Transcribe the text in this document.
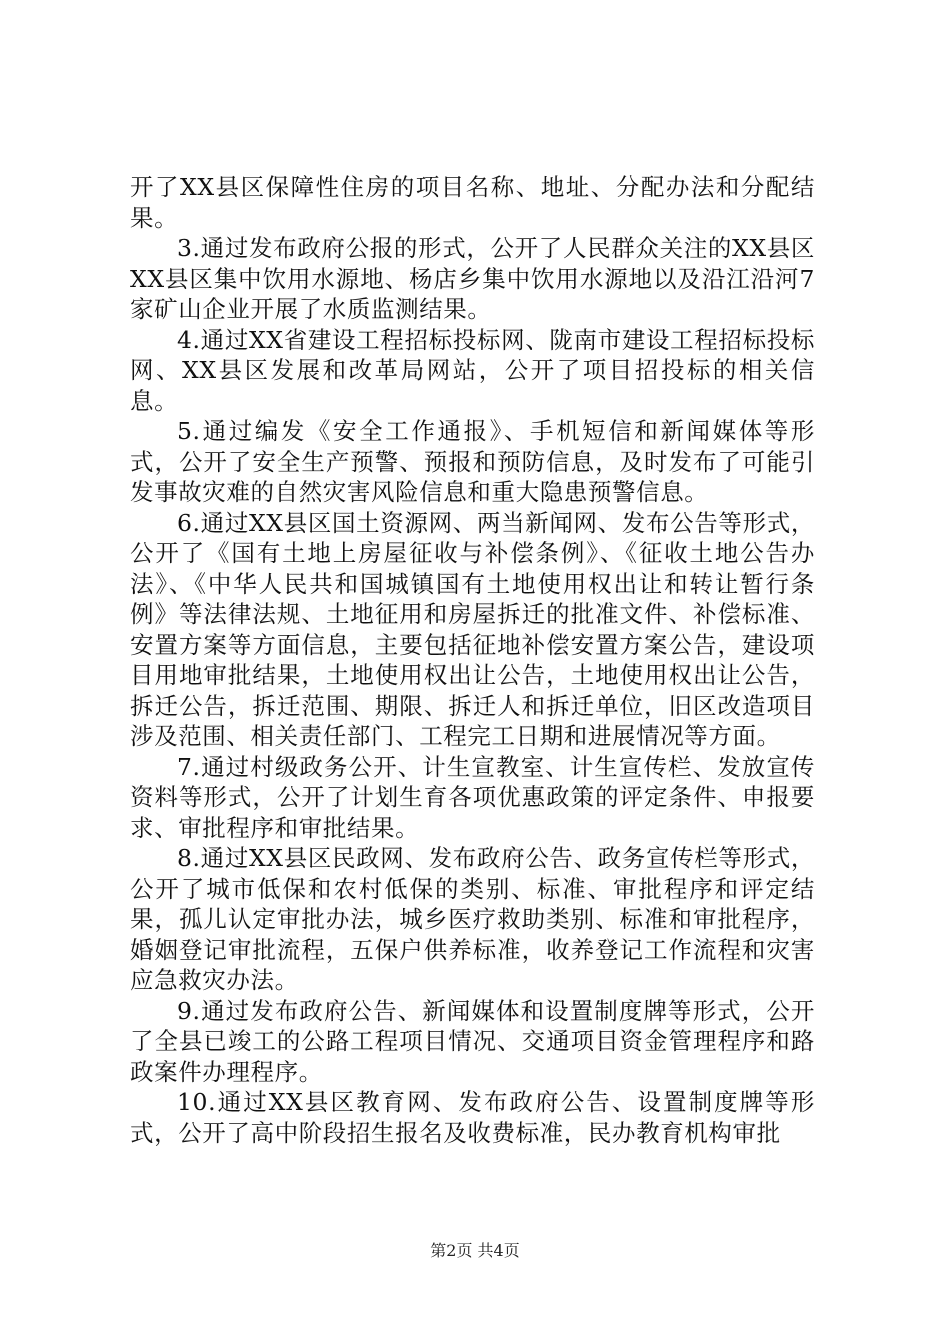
开了XX县区保障性住房的项目名称、地址、分配办法和分配结果。

3.通过发布政府公报的形式，公开了人民群众关注的XX县区XX县区集中饮用水源地、杨店乡集中饮用水源地以及沿江沿河7家矿山企业开展了水质监测结果。

4.通过XX省建设工程招标投标网、陇南市建设工程招标投标网、XX县区发展和改革局网站，公开了项目招投标的相关信息。

5.通过编发《安全工作通报》、手机短信和新闻媒体等形式，公开了安全生产预警、预报和预防信息，及时发布了可能引发事故灾难的自然灾害风险信息和重大隐患预警信息。

6.通过XX县区国土资源网、两当新闻网、发布公告等形式，公开了《国有土地上房屋征收与补偿条例》、《征收土地公告办法》、《中华人民共和国城镇国有土地使用权出让和转让暂行条例》等法律法规、土地征用和房屋拆迁的批准文件、补偿标准、安置方案等方面信息，主要包括征地补偿安置方案公告，建设项目用地审批结果，土地使用权出让公告，土地使用权出让公告，拆迁公告，拆迁范围、期限、拆迁人和拆迁单位，旧区改造项目涉及范围、相关责任部门、工程完工日期和进展情况等方面。

7.通过村级政务公开、计生宣教室、计生宣传栏、发放宣传资料等形式，公开了计划生育各项优惠政策的评定条件、申报要求、审批程序和审批结果。

8.通过XX县区民政网、发布政府公告、政务宣传栏等形式，公开了城市低保和农村低保的类别、标准、审批程序和评定结果，孤儿认定审批办法，城乡医疗救助类别、标准和审批程序，婚姻登记审批流程，五保户供养标准，收养登记工作流程和灾害应急救灾办法。

9.通过发布政府公告、新闻媒体和设置制度牌等形式，公开了全县已竣工的公路工程项目情况、交通项目资金管理程序和路政案件办理程序。

10.通过XX县区教育网、发布政府公告、设置制度牌等形式，公开了高中阶段招生报名及收费标准，民办教育机构审批

第2页 共4页
